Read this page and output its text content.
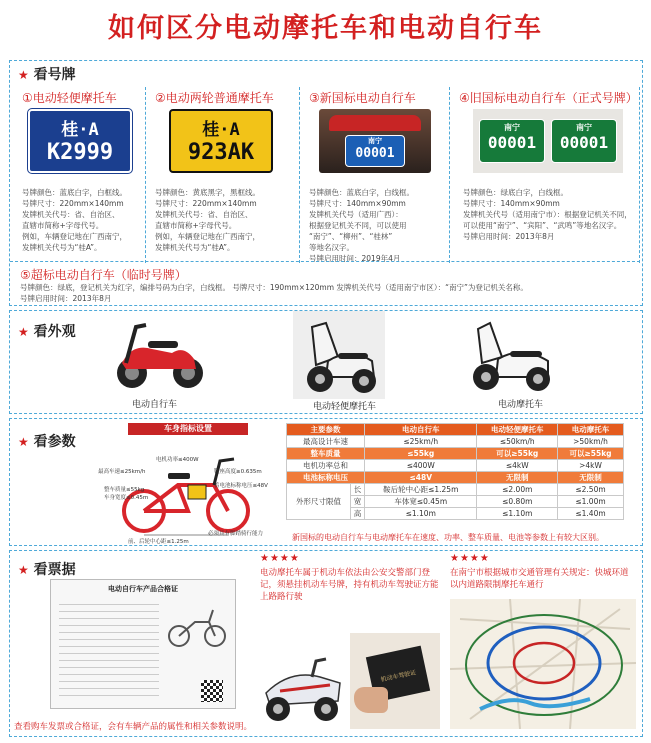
如何区分电动摩托车和电动自行车
★ 看号牌
①电动轻便摩托车
桂·A
K2999
号牌颜色：蓝底白字，白框线。
号牌尺寸：220mm×140mm
发牌机关代号：省、自治区、
直辖市简称+字母代号。
例如，车辆登记地在广西南宁，
发牌机关代号为“桂A”。
②电动两轮普通摩托车
桂·A
923AK
号牌颜色：黄底黑字，黑框线。
号牌尺寸：220mm×140mm
发牌机关代号：省、自治区、
直辖市简称+字母代号。
例如，车辆登记地在广西南宁，
发牌机关代号为“桂A”。
③新国标电动自行车
南宁
00001
号牌颜色：蓝底白字，白线框。
号牌尺寸：140mm×90mm
发牌机关代号（适用广西）：
根据登记机关不同，可以使用
“南宁”、“柳州”、“桂林”
等地名汉字。
号牌启用时间：2019年4月
④旧国标电动自行车（正式号牌）
南宁
00001
南宁
00001
号牌颜色：绿底白字，白线框。
号牌尺寸：140mm×90mm
发牌机关代号（适用南宁市）：根据登记机关不同，
可以使用“南宁”、“宾阳”、“武鸣”等地名汉字。
号牌启用时间：2013年8月
⑤超标电动自行车（临时号牌）
号牌颜色：绿底，登记机关为红字，编排号码为白字，白线框。 号牌尺寸：190mm×120mm 发牌机关代号（适用南宁市区）：“南宁”为登记机关名称。
号牌启用时间：2013年8月
★ 看外观
电动自行车	电动轻便摩托车	电动摩托车
★ 看参数
车身指标设置
最高车速≤25km/h
电机功率≤400W
蓄电池标称电压≤48V
整车质量≤55kg
车身宽度≤0.45m
鞍座高度≥0.635m
必须具有脚踏骑行能力
前、后轮中心距≤1.25m
主要参数		电动自行车	电动轻便摩托车	电动摩托车
最高设计车速		≤25km/h	≤50km/h	>50km/h
整车质量		≤55kg	可以≥55kg	可以≥55kg
电机功率总和		≤400W	≤4kW	>4kW
电池标称电压		≤48V	无限制	无限制
外形尺寸限值	长	鞍后轮中心距≤1.25m	≤2.00m	≤2.50m
	宽	车体宽≤0.45m	≤0.80m	≤1.00m
	高	≤1.10m	≤1.10m	≤1.40m
新国标的电动自行车与电动摩托车在速度、功率、整车质量、电池等参数上有较大区别。
★ 看票据
电动自行车产品合格证
查看购车发票或合格证，会有车辆产品的属性和相关参数说明。
★★★★
电动摩托车属于机动车依法由公安交警部门登记，须悬挂机动车号牌，持有机动车驾驶证方能上路路行驶
机动车驾驶证
★★★★
在南宁市根据城市交通管理有关规定：快城环道以内道路限制摩托车通行
